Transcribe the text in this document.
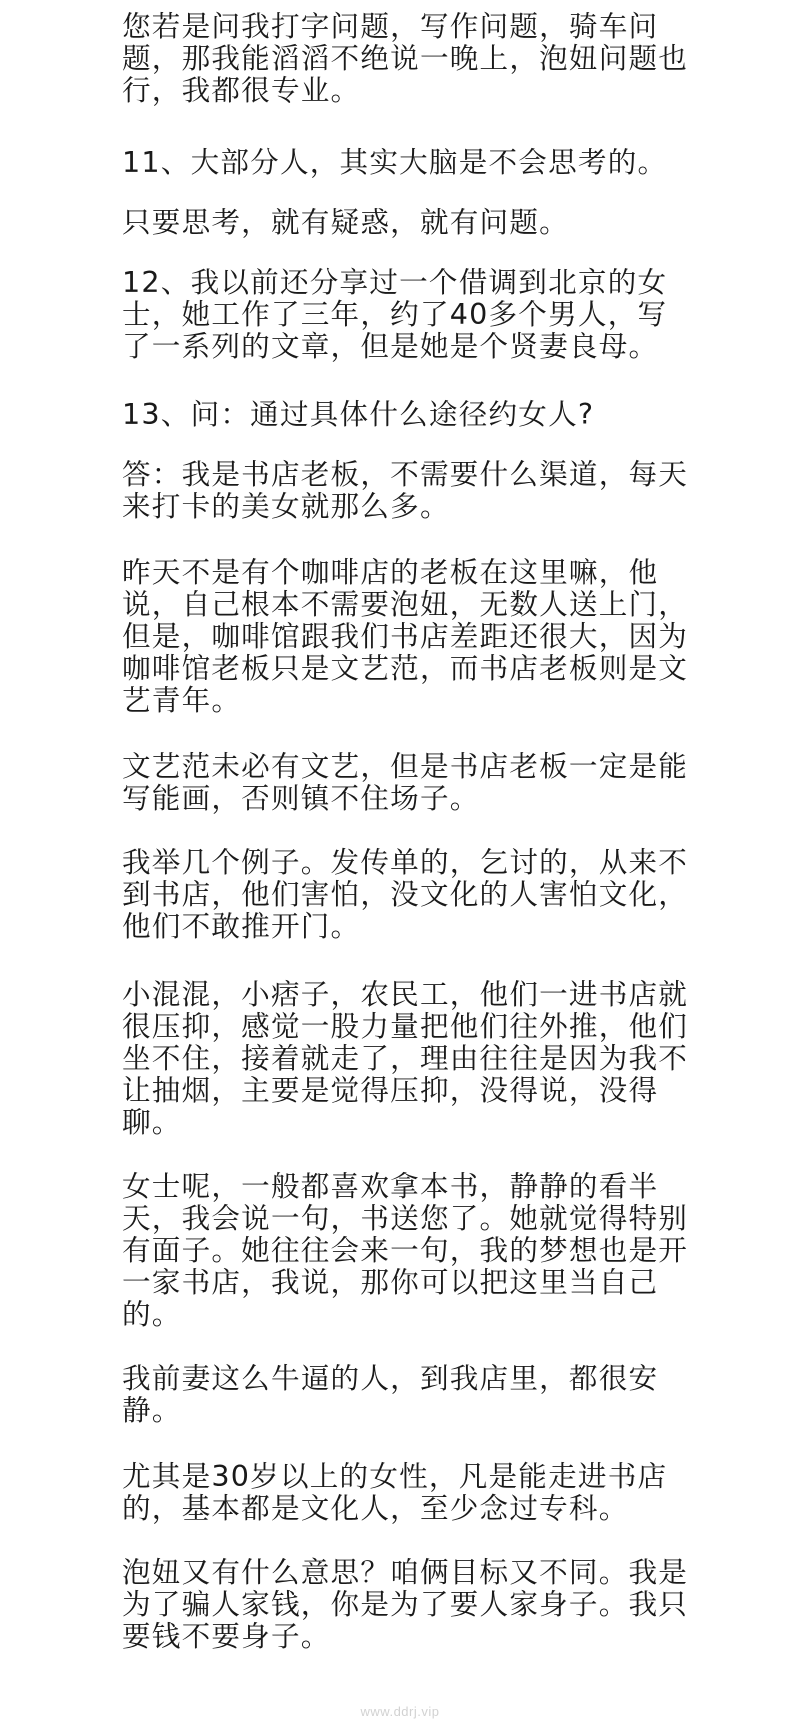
您若是问我打字问题，写作问题，骑车问题，那我能滔滔不绝说一晚上，泡妞问题也行，我都很专业。

11、大部分人，其实大脑是不会思考的。

只要思考，就有疑惑，就有问题。

12、我以前还分享过一个借调到北京的女士，她工作了三年，约了40多个男人，写了一系列的文章，但是她是个贤妻良母。

13、问：通过具体什么途径约女人?

答：我是书店老板，不需要什么渠道，每天来打卡的美女就那么多。

昨天不是有个咖啡店的老板在这里嘛，他说，自己根本不需要泡妞，无数人送上门，但是，咖啡馆跟我们书店差距还很大，因为咖啡馆老板只是文艺范，而书店老板则是文艺青年。

文艺范未必有文艺，但是书店老板一定是能写能画，否则镇不住场子。

我举几个例子。发传单的，乞讨的，从来不到书店，他们害怕，没文化的人害怕文化，他们不敢推开门。

小混混，小痞子，农民工，他们一进书店就很压抑，感觉一股力量把他们往外推，他们坐不住，接着就走了，理由往往是因为我不让抽烟，主要是觉得压抑，没得说，没得聊。

女士呢，一般都喜欢拿本书，静静的看半天，我会说一句，书送您了。她就觉得特别有面子。她往往会来一句，我的梦想也是开一家书店，我说，那你可以把这里当自己的。

我前妻这么牛逼的人，到我店里，都很安静。

尤其是30岁以上的女性，凡是能走进书店的，基本都是文化人，至少念过专科。

泡妞又有什么意思？咱俩目标又不同。我是为了骗人家钱，你是为了要人家身子。我只要钱不要身子。

www.ddrj.vip
